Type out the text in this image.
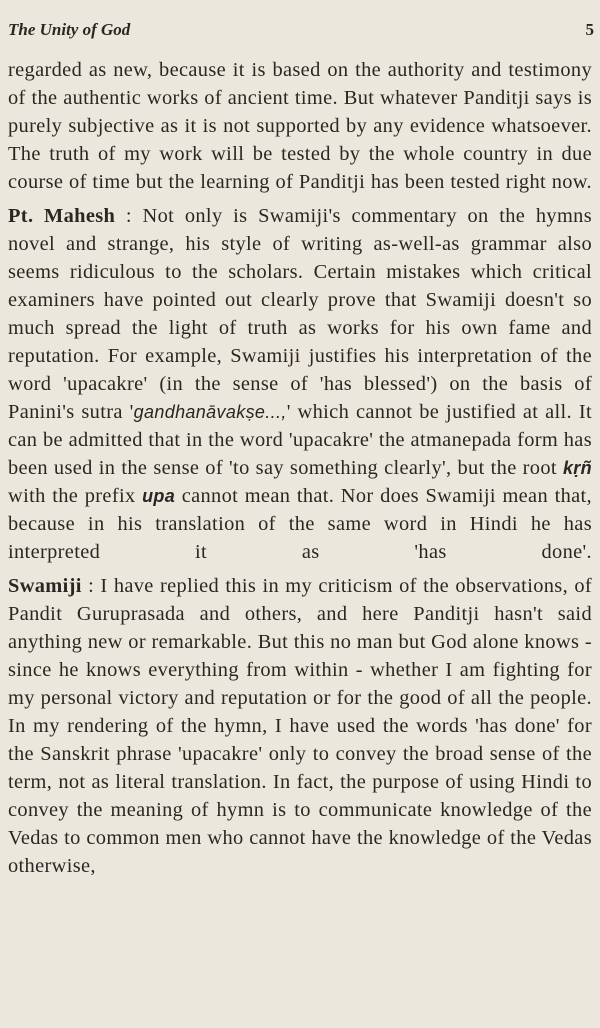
The Unity of God	5

regarded as new, because it is based on the authority and testimony of the authentic works of ancient time. But whatever Panditji says is purely subjective as it is not supported by any evidence whatsoever. The truth of my work will be tested by the whole country in due course of time but the learning of Panditji has been tested right now.

Pt. Mahesh : Not only is Swamiji's commentary on the hymns novel and strange, his style of writing as-well-as grammar also seems ridiculous to the scholars. Certain mistakes which critical examiners have pointed out clearly prove that Swamiji doesn't so much spread the light of truth as works for his own fame and reputation. For example, Swamiji justifies his interpretation of the word 'upacakre' (in the sense of 'has blessed') on the basis of Panini's sutra 'gandhanāvakṣe...,' which cannot be justified at all. It can be admitted that in the word 'upacakre' the atmanepada form has been used in the sense of 'to say something clearly', but the root kṛñ with the prefix upa cannot mean that. Nor does Swamiji mean that, because in his translation of the same word in Hindi he has interpreted it as 'has done'.

Swamiji : I have replied this in my criticism of the observations, of Pandit Guruprasada and others, and here Panditji hasn't said anything new or remarkable. But this no man but God alone knows - since he knows everything from within - whether I am fighting for my personal victory and reputation or for the good of all the people. In my rendering of the hymn, I have used the words 'has done' for the Sanskrit phrase 'upacakre' only to convey the broad sense of the term, not as literal translation. In fact, the purpose of using Hindi to convey the meaning of hymn is to communicate knowledge of the Vedas to common men who cannot have the knowledge of the Vedas otherwise,
